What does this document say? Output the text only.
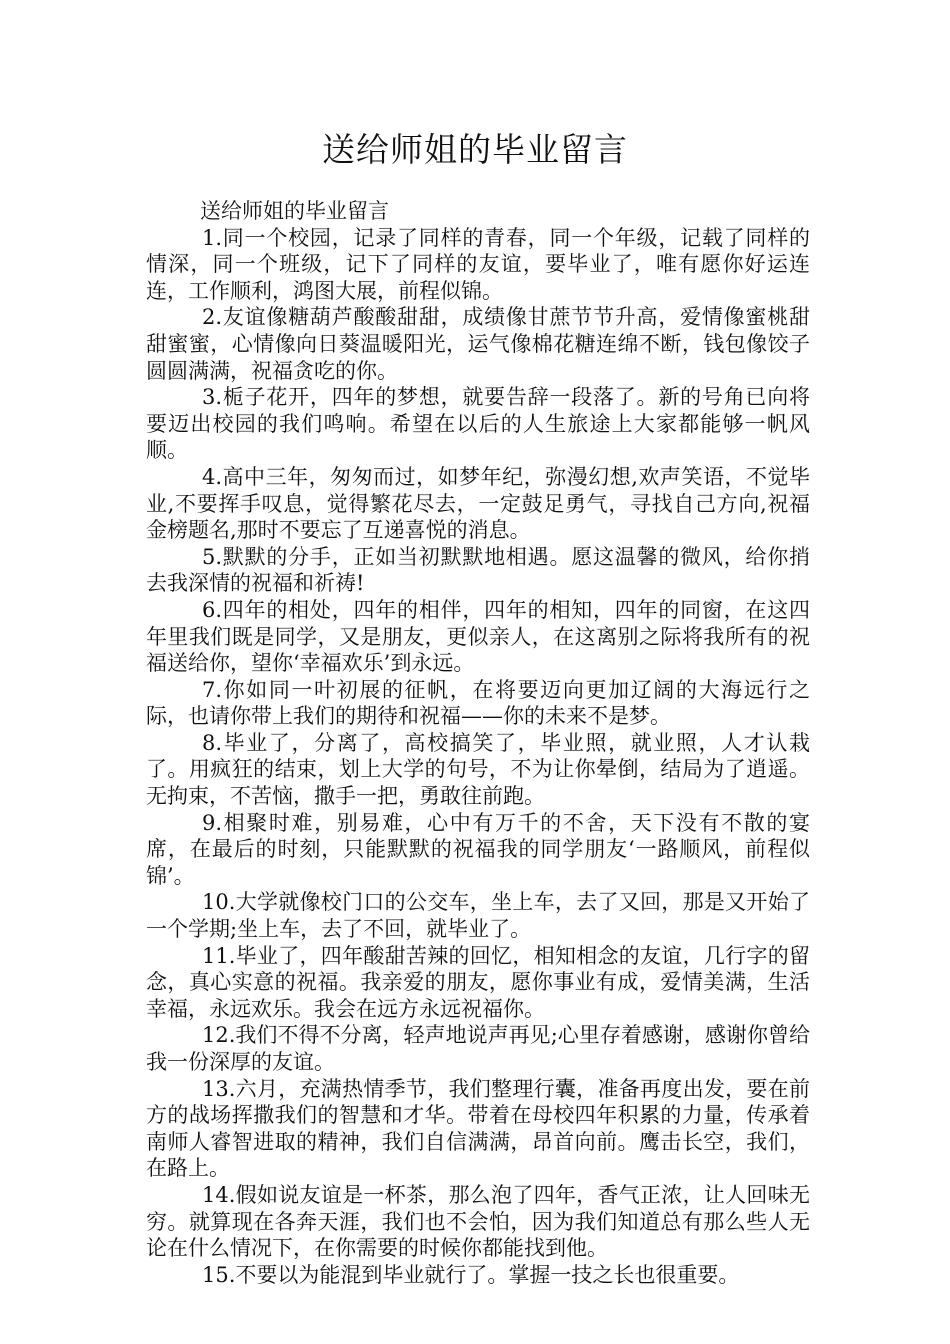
送给师姐的毕业留言

送给师姐的毕业留言

1.同一个校园，记录了同样的青春，同一个年级，记载了同样的情深，同一个班级，记下了同样的友谊，要毕业了，唯有愿你好运连连，工作顺利，鸿图大展，前程似锦。

2.友谊像糖葫芦酸酸甜甜，成绩像甘蔗节节升高，爱情像蜜桃甜甜蜜蜜，心情像向日葵温暖阳光，运气像棉花糖连绵不断，钱包像饺子圆圆满满，祝福贪吃的你。

3.栀子花开，四年的梦想，就要告辞一段落了。新的号角已向将要迈出校园的我们鸣响。希望在以后的人生旅途上大家都能够一帆风顺。

4.高中三年，匆匆而过，如梦年纪，弥漫幻想,欢声笑语，不觉毕业,不要挥手叹息，觉得繁花尽去，一定鼓足勇气，寻找自己方向,祝福金榜题名,那时不要忘了互递喜悦的消息。

5.默默的分手，正如当初默默地相遇。愿这温馨的微风，给你捎去我深情的祝福和祈祷!

6.四年的相处，四年的相伴，四年的相知，四年的同窗，在这四年里我们既是同学，又是朋友，更似亲人，在这离别之际将我所有的祝福送给你，望你‘幸福欢乐’到永远。

7.你如同一叶初展的征帆，在将要迈向更加辽阔的大海远行之际，也请你带上我们的期待和祝福——你的未来不是梦。

8.毕业了，分离了，高校搞笑了，毕业照，就业照，人才认栽了。用疯狂的结束，划上大学的句号，不为让你晕倒，结局为了逍遥。无拘束，不苦恼，撒手一把，勇敢往前跑。

9.相聚时难，别易难，心中有万千的不舍，天下没有不散的宴席，在最后的时刻，只能默默的祝福我的同学朋友‘一路顺风，前程似锦’。

10.大学就像校门口的公交车，坐上车，去了又回，那是又开始了一个学期;坐上车，去了不回，就毕业了。

11.毕业了，四年酸甜苦辣的回忆，相知相念的友谊，几行字的留念，真心实意的祝福。我亲爱的朋友，愿你事业有成，爱情美满，生活幸福，永远欢乐。我会在远方永远祝福你。

12.我们不得不分离，轻声地说声再见;心里存着感谢，感谢你曾给我一份深厚的友谊。

13.六月，充满热情季节，我们整理行囊，准备再度出发，要在前方的战场挥撒我们的智慧和才华。带着在母校四年积累的力量，传承着南师人睿智进取的精神，我们自信满满，昂首向前。鹰击长空，我们，在路上。

14.假如说友谊是一杯茶，那么泡了四年，香气正浓，让人回味无穷。就算现在各奔天涯，我们也不会怕，因为我们知道总有那么些人无论在什么情况下，在你需要的时候你都能找到他。

15.不要以为能混到毕业就行了。掌握一技之长也很重要。
